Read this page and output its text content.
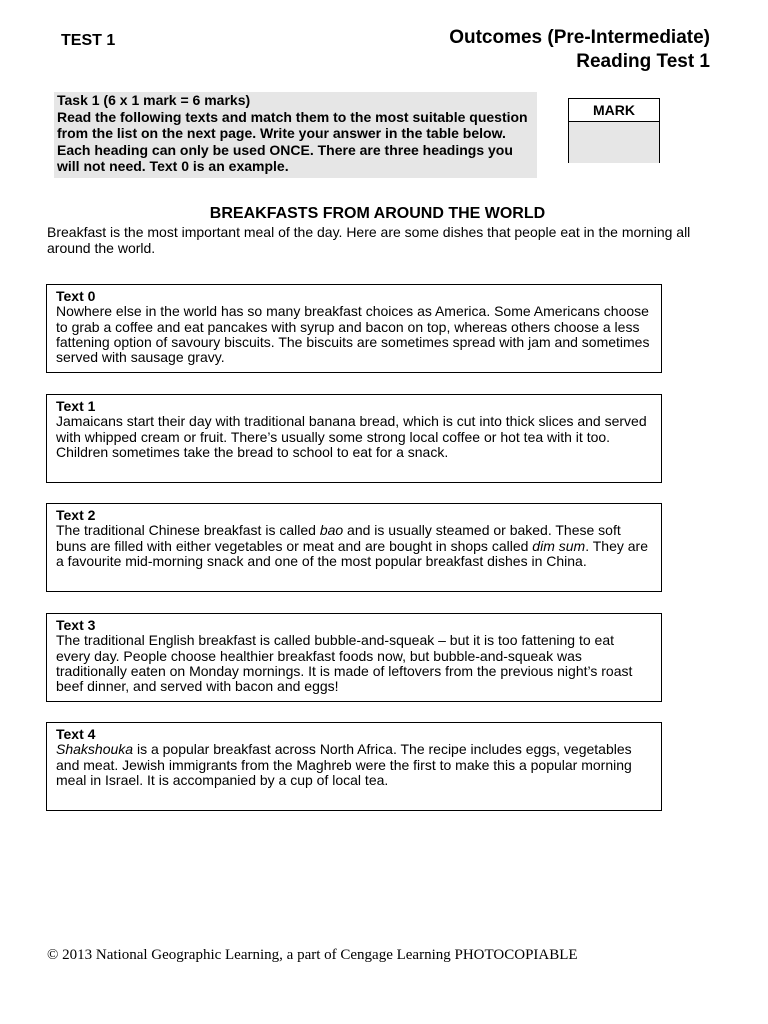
TEST 1	Outcomes (Pre-Intermediate)
Reading Test 1
Task 1 (6 x 1 mark = 6 marks)
Read the following texts and match them to the most suitable question from the list on the next page. Write your answer in the table below. Each heading can only be used ONCE. There are three headings you will not need. Text 0 is an example.
MARK
BREAKFASTS FROM AROUND THE WORLD
Breakfast is the most important meal of the day. Here are some dishes that people eat in the morning all around the world.
Text 0
Nowhere else in the world has so many breakfast choices as America. Some Americans choose to grab a coffee and eat pancakes with syrup and bacon on top, whereas others choose a less fattening option of savoury biscuits. The biscuits are sometimes spread with jam and sometimes served with sausage gravy.
Text 1
Jamaicans start their day with traditional banana bread, which is cut into thick slices and served with whipped cream or fruit. There’s usually some strong local coffee or hot tea with it too. Children sometimes take the bread to school to eat for a snack.
Text 2
The traditional Chinese breakfast is called bao and is usually steamed or baked. These soft buns are filled with either vegetables or meat and are bought in shops called dim sum. They are a favourite mid-morning snack and one of the most popular breakfast dishes in China.
Text 3
The traditional English breakfast is called bubble-and-squeak – but it is too fattening to eat every day. People choose healthier breakfast foods now, but bubble-and-squeak was traditionally eaten on Monday mornings. It is made of leftovers from the previous night’s roast beef dinner, and served with bacon and eggs!
Text 4
Shakshouka is a popular breakfast across North Africa. The recipe includes eggs, vegetables and meat. Jewish immigrants from the Maghreb were the first to make this a popular morning meal in Israel. It is accompanied by a cup of local tea.
© 2013 National Geographic Learning, a part of Cengage Learning PHOTOCOPIABLE
